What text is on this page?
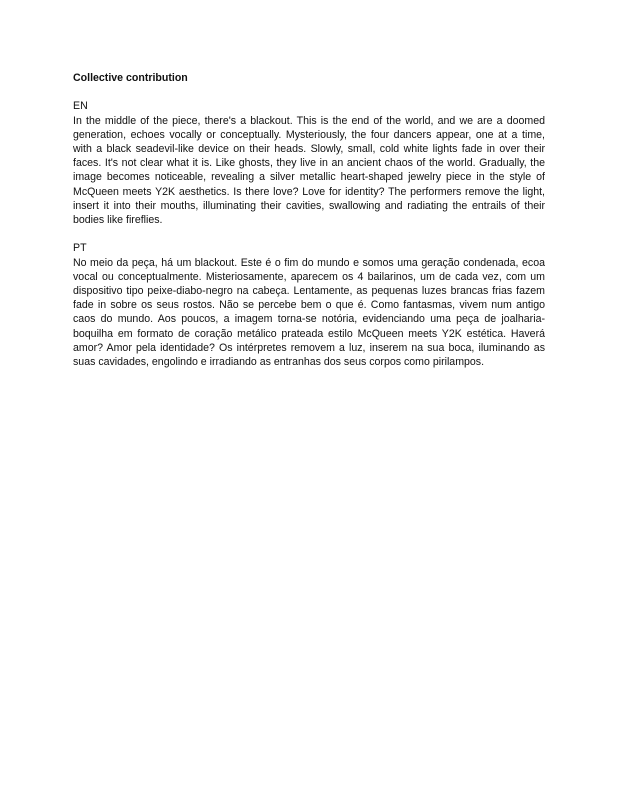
Collective contribution

EN

In the middle of the piece, there's a blackout. This is the end of the world, and we are a doomed generation, echoes vocally or conceptually. Mysteriously, the four dancers appear, one at a time, with a black seadevil-like device on their heads. Slowly, small, cold white lights fade in over their faces. It's not clear what it is. Like ghosts, they live in an ancient chaos of the world. Gradually, the image becomes noticeable, revealing a silver metallic heart-shaped jewelry piece in the style of McQueen meets Y2K aesthetics. Is there love? Love for identity? The performers remove the light, insert it into their mouths, illuminating their cavities, swallowing and radiating the entrails of their bodies like fireflies.

PT

No meio da peça, há um blackout. Este é o fim do mundo e somos uma geração condenada, ecoa vocal ou conceptualmente. Misteriosamente, aparecem os 4 bailarinos, um de cada vez, com um dispositivo tipo peixe-diabo-negro na cabeça. Lentamente, as pequenas luzes brancas frias fazem fade in sobre os seus rostos. Não se percebe bem o que é. Como fantasmas, vivem num antigo caos do mundo. Aos poucos, a imagem torna-se notória, evidenciando uma peça de joalharia-boquilha em formato de coração metálico prateada estilo McQueen meets Y2K estética. Haverá amor? Amor pela identidade? Os intérpretes removem a luz, inserem na sua boca, iluminando as suas cavidades, engolindo e irradiando as entranhas dos seus corpos como pirilampos.
